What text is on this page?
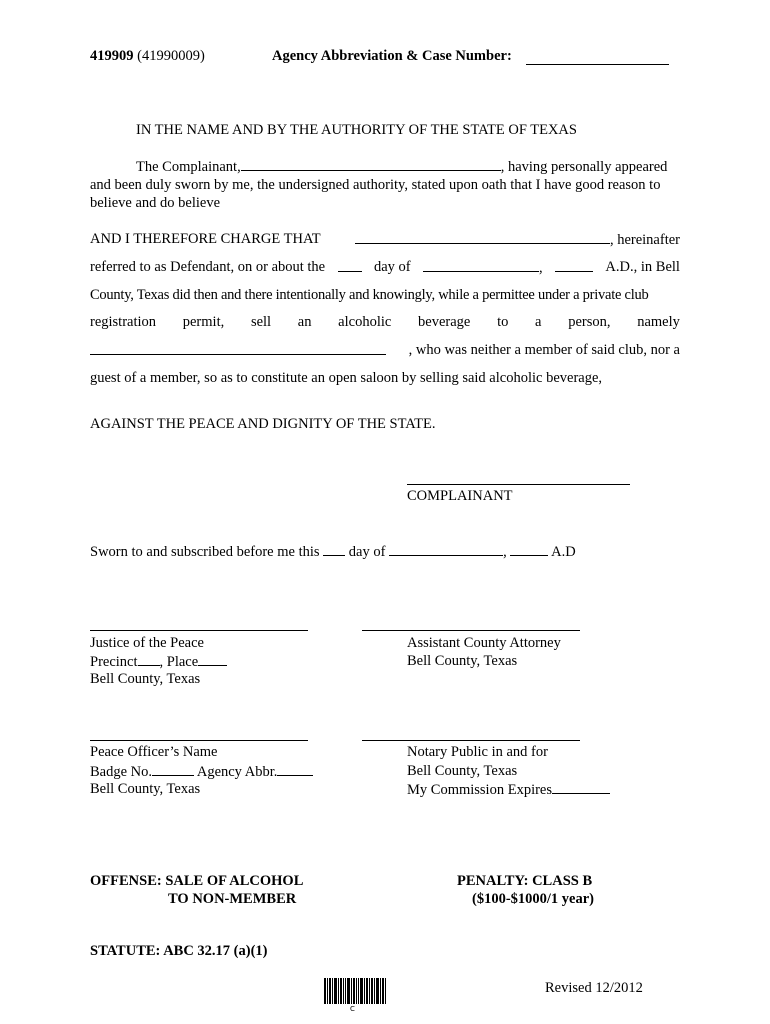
419909 (41990009)	Agency Abbreviation & Case Number:
IN THE NAME AND BY THE AUTHORITY OF THE STATE OF TEXAS
The Complainant,	, having personally appeared
and been duly sworn by me, the undersigned authority, stated upon oath that I have good reason to
believe and do believe
AND I THEREFORE CHARGE THAT	, hereinafter
referred to as Defendant, on or about the	day of	,	A.D., in Bell
County, Texas did then and there intentionally and knowingly, while a permittee under a private club
registration permit, sell an alcoholic beverage to a person, namely
, who was neither a member of said club, nor a
guest of a member, so as to constitute an open saloon by selling said alcoholic beverage,
AGAINST THE PEACE AND DIGNITY OF THE STATE.
COMPLAINANT
Sworn to and subscribed before me this day of	,	A.D
Justice of the Peace
Precinct , Place
Bell County, Texas
Assistant County Attorney
Bell County, Texas
Peace Officer’s Name
Badge No.	Agency Abbr.
Bell County, Texas
Notary Public in and for
Bell County, Texas
My Commission Expires
OFFENSE: SALE OF ALCOHOL
TO NON-MEMBER
PENALTY: CLASS B
($100-$1000/1 year)
STATUTE: ABC 32.17 (a)(1)
C
Revised 12/2012
